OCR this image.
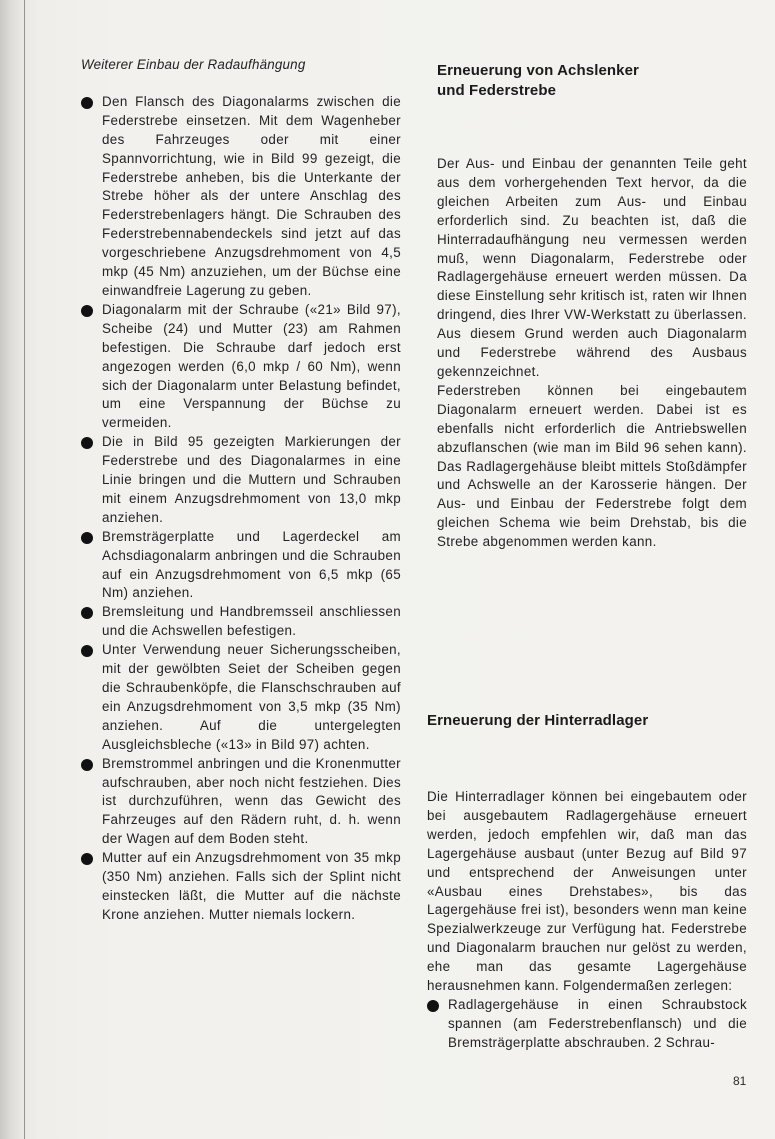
Weiterer Einbau der Radaufhängung
Den Flansch des Diagonalarms zwischen die Federstrebe einsetzen. Mit dem Wagenheber des Fahrzeuges oder mit einer Spannvorrichtung, wie in Bild 99 gezeigt, die Federstrebe anheben, bis die Unterkante der Strebe höher als der untere Anschlag des Federstrebenlagers hängt. Die Schrauben des Federstrebennabendeckels sind jetzt auf das vorgeschriebene Anzugsdrehmoment von 4,5 mkp (45 Nm) anzuziehen, um der Büchse eine einwandfreie Lagerung zu geben.
Diagonalarm mit der Schraube («21» Bild 97), Scheibe (24) und Mutter (23) am Rahmen befestigen. Die Schraube darf jedoch erst angezogen werden (6,0 mkp / 60 Nm), wenn sich der Diagonalarm unter Belastung befindet, um eine Verspannung der Büchse zu vermeiden.
Die in Bild 95 gezeigten Markierungen der Federstrebe und des Diagonalarmes in eine Linie bringen und die Muttern und Schrauben mit einem Anzugsdrehmoment von 13,0 mkp anziehen.
Bremsträgerplatte und Lagerdeckel am Achsdiagonalarm anbringen und die Schrauben auf ein Anzugsdrehmoment von 6,5 mkp (65 Nm) anziehen.
Bremsleitung und Handbremsseil anschliessen und die Achswellen befestigen.
Unter Verwendung neuer Sicherungsscheiben, mit der gewölbten Seiet der Scheiben gegen die Schraubenköpfe, die Flanschschrauben auf ein Anzugsdrehmoment von 3,5 mkp (35 Nm) anziehen. Auf die untergelegten Ausgleichsbleche («13» in Bild 97) achten.
Bremstrommel anbringen und die Kronenmutter aufschrauben, aber noch nicht festziehen. Dies ist durchzuführen, wenn das Gewicht des Fahrzeuges auf den Rädern ruht, d. h. wenn der Wagen auf dem Boden steht.
Mutter auf ein Anzugsdrehmoment von 35 mkp (350 Nm) anziehen. Falls sich der Splint nicht einstecken läßt, die Mutter auf die nächste Krone anziehen. Mutter niemals lockern.
Erneuerung von Achslenker
und Federstrebe

Der Aus- und Einbau der genannten Teile geht aus dem vorhergehenden Text hervor, da die gleichen Arbeiten zum Aus- und Einbau erforderlich sind. Zu beachten ist, daß die Hinterradaufhängung neu vermessen werden muß, wenn Diagonalarm, Federstrebe oder Radlagergehäuse erneuert werden müssen. Da diese Einstellung sehr kritisch ist, raten wir Ihnen dringend, dies Ihrer VW-Werkstatt zu überlassen. Aus diesem Grund werden auch Diagonalarm und Federstrebe während des Ausbaus gekennzeichnet.

Federstreben können bei eingebautem Diagonalarm erneuert werden. Dabei ist es ebenfalls nicht erforderlich die Antriebswellen abzuflanschen (wie man im Bild 96 sehen kann). Das Radlagergehäuse bleibt mittels Stoßdämpfer und Achswelle an der Karosserie hängen. Der Aus- und Einbau der Federstrebe folgt dem gleichen Schema wie beim Drehstab, bis die Strebe abgenommen werden kann.

Erneuerung der Hinterradlager

Die Hinterradlager können bei eingebautem oder bei ausgebautem Radlagergehäuse erneuert werden, jedoch empfehlen wir, daß man das Lagergehäuse ausbaut (unter Bezug auf Bild 97 und entsprechend der Anweisungen unter «Ausbau eines Drehstabes», bis das Lagergehäuse frei ist), besonders wenn man keine Spezialwerkzeuge zur Verfügung hat. Federstrebe und Diagonalarm brauchen nur gelöst zu werden, ehe man das gesamte Lagergehäuse herausnehmen kann. Folgendermaßen zerlegen:

Radlagergehäuse in einen Schraubstock spannen (am Federstrebenflansch) und die Bremsträgerplatte abschrauben. 2 Schrau-
81
